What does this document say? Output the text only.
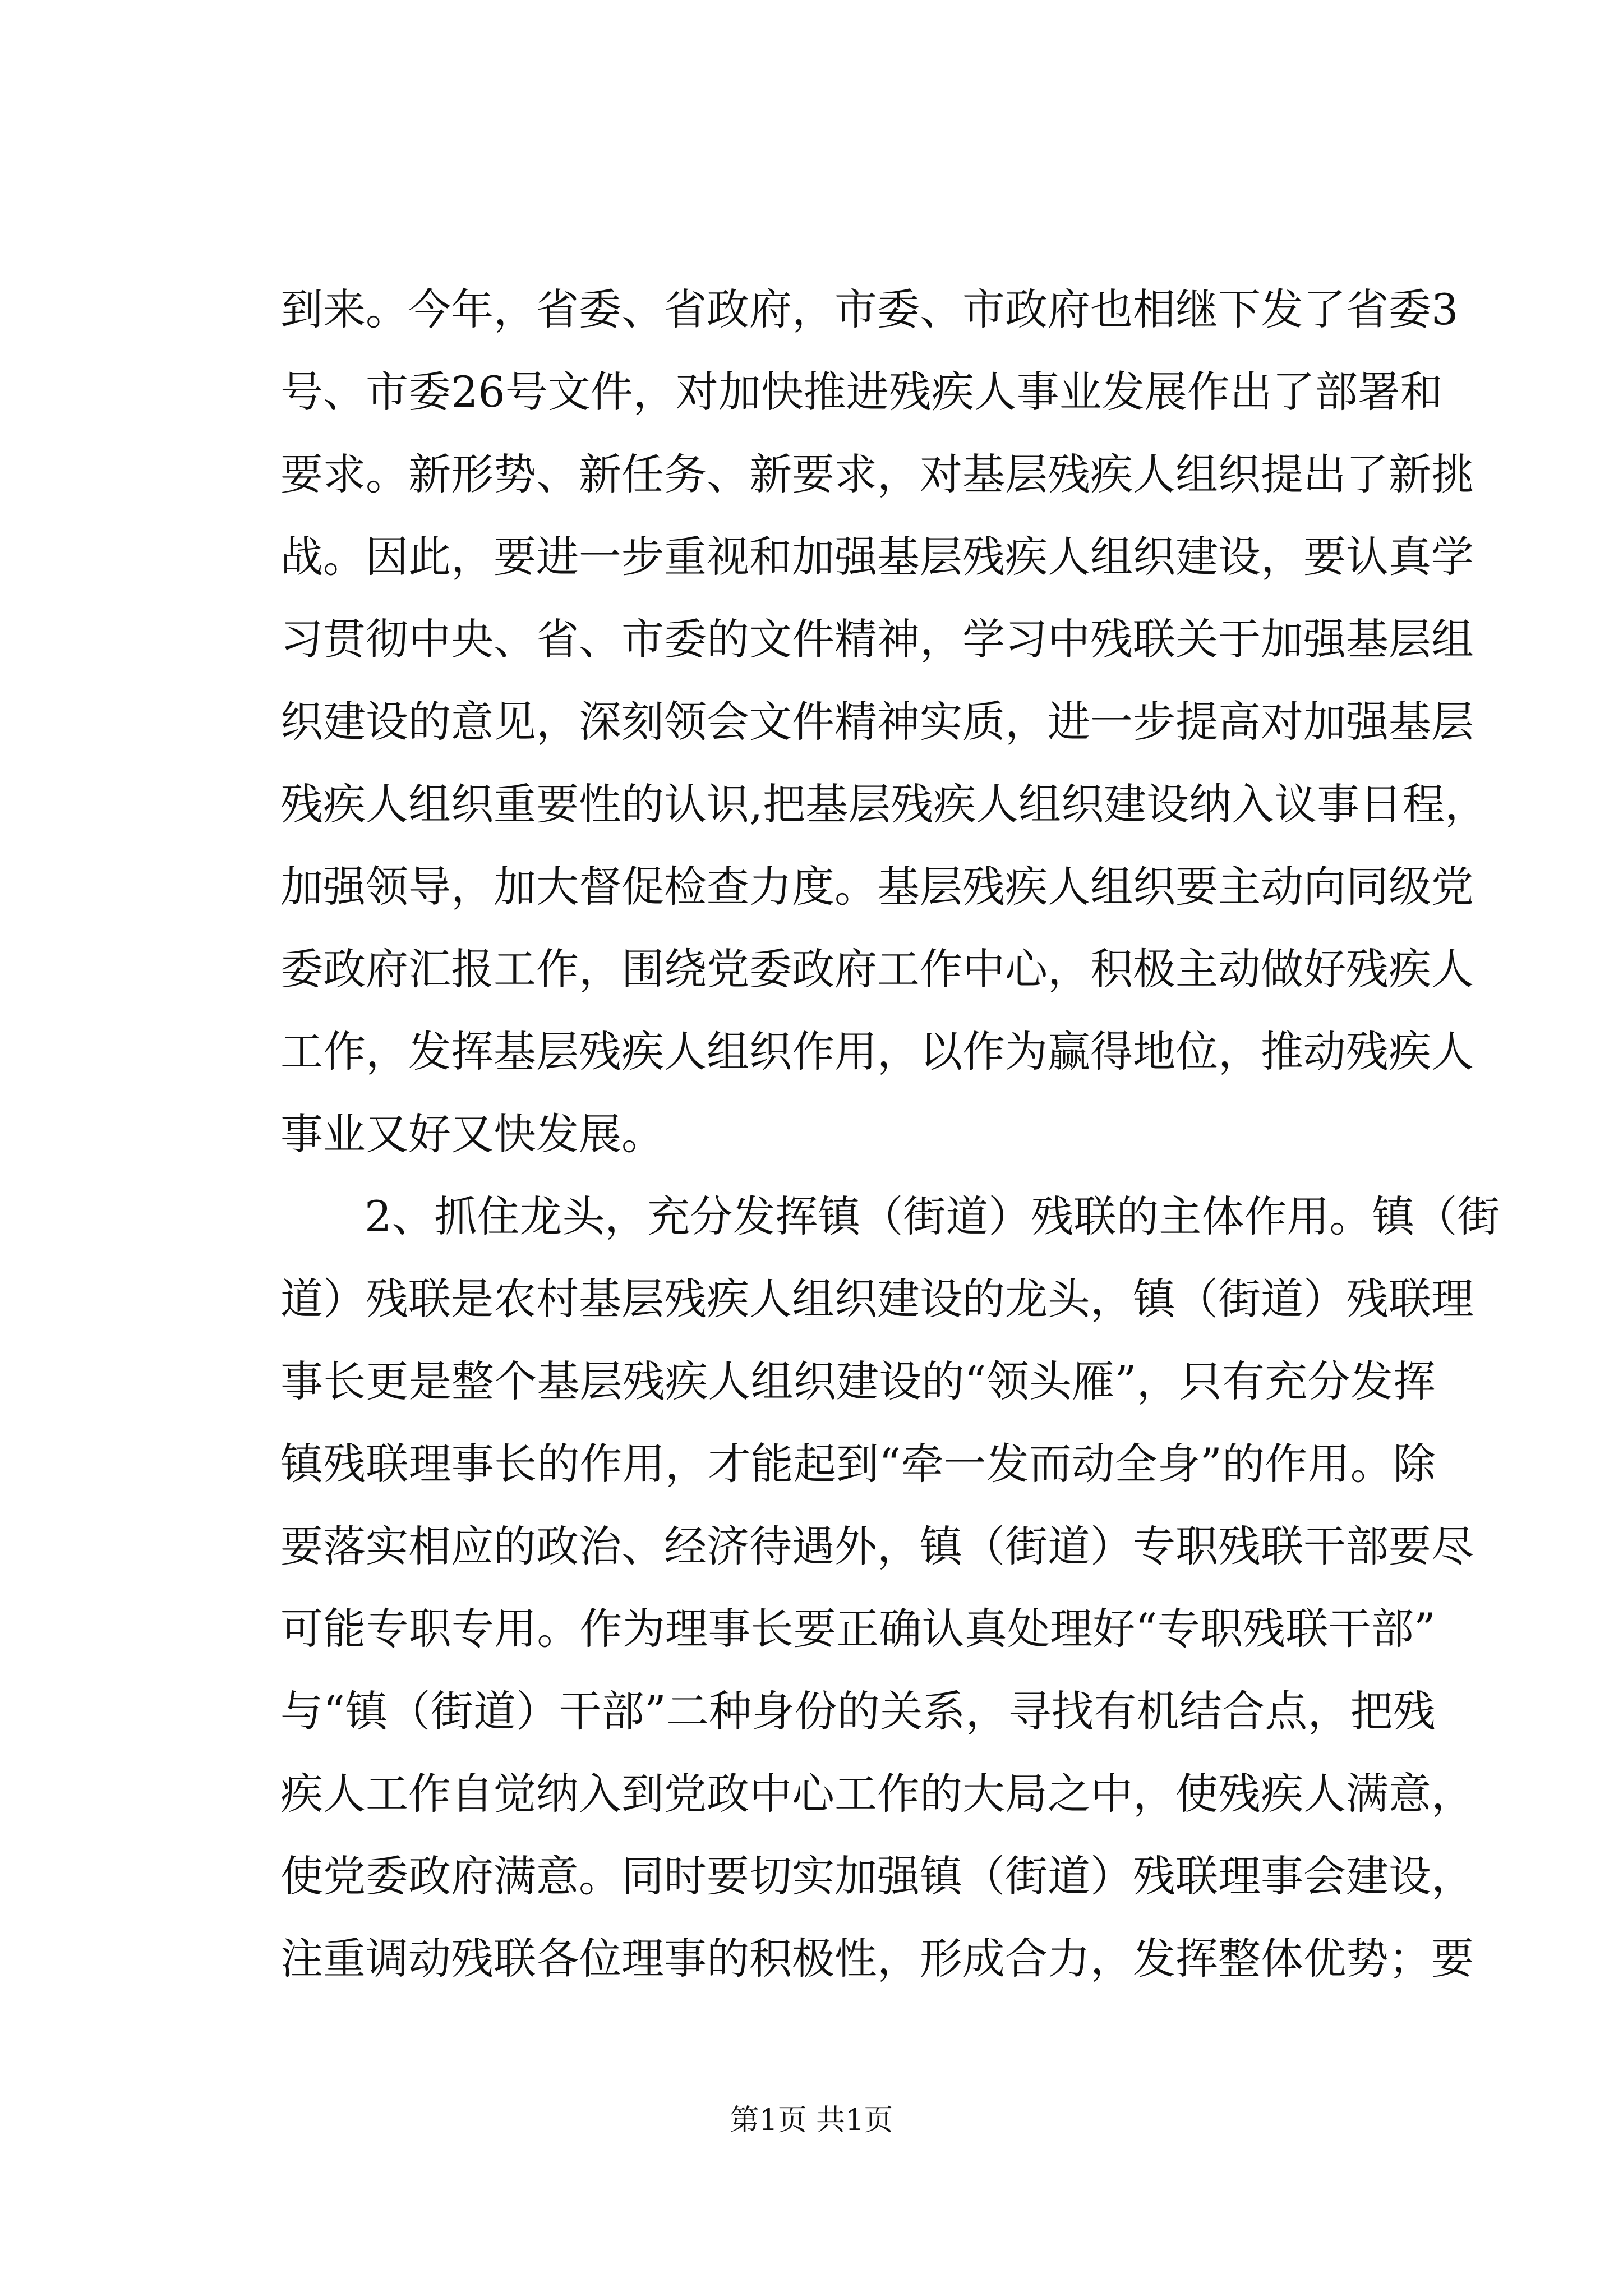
到来。今年，省委、省政府，市委、市政府也相继下发了省委3
号、市委26号文件，对加快推进残疾人事业发展作出了部署和
要求。新形势、新任务、新要求，对基层残疾人组织提出了新挑
战。因此，要进一步重视和加强基层残疾人组织建设，要认真学
习贯彻中央、省、市委的文件精神，学习中残联关于加强基层组
织建设的意见，深刻领会文件精神实质，进一步提高对加强基层
残疾人组织重要性的认识,把基层残疾人组织建设纳入议事日程，
加强领导，加大督促检查力度。基层残疾人组织要主动向同级党
委政府汇报工作，围绕党委政府工作中心，积极主动做好残疾人
工作，发挥基层残疾人组织作用，以作为赢得地位，推动残疾人
事业又好又快发展。
2、抓住龙头，充分发挥镇（街道）残联的主体作用。镇（街
道）残联是农村基层残疾人组织建设的龙头，镇（街道）残联理
事长更是整个基层残疾人组织建设的“领头雁”，只有充分发挥
镇残联理事长的作用，才能起到“牵一发而动全身”的作用。除
要落实相应的政治、经济待遇外，镇（街道）专职残联干部要尽
可能专职专用。作为理事长要正确认真处理好“专职残联干部”
与“镇（街道）干部”二种身份的关系，寻找有机结合点，把残
疾人工作自觉纳入到党政中心工作的大局之中，使残疾人满意，
使党委政府满意。同时要切实加强镇（街道）残联理事会建设，
注重调动残联各位理事的积极性，形成合力，发挥整体优势；要
第1页 共1页
